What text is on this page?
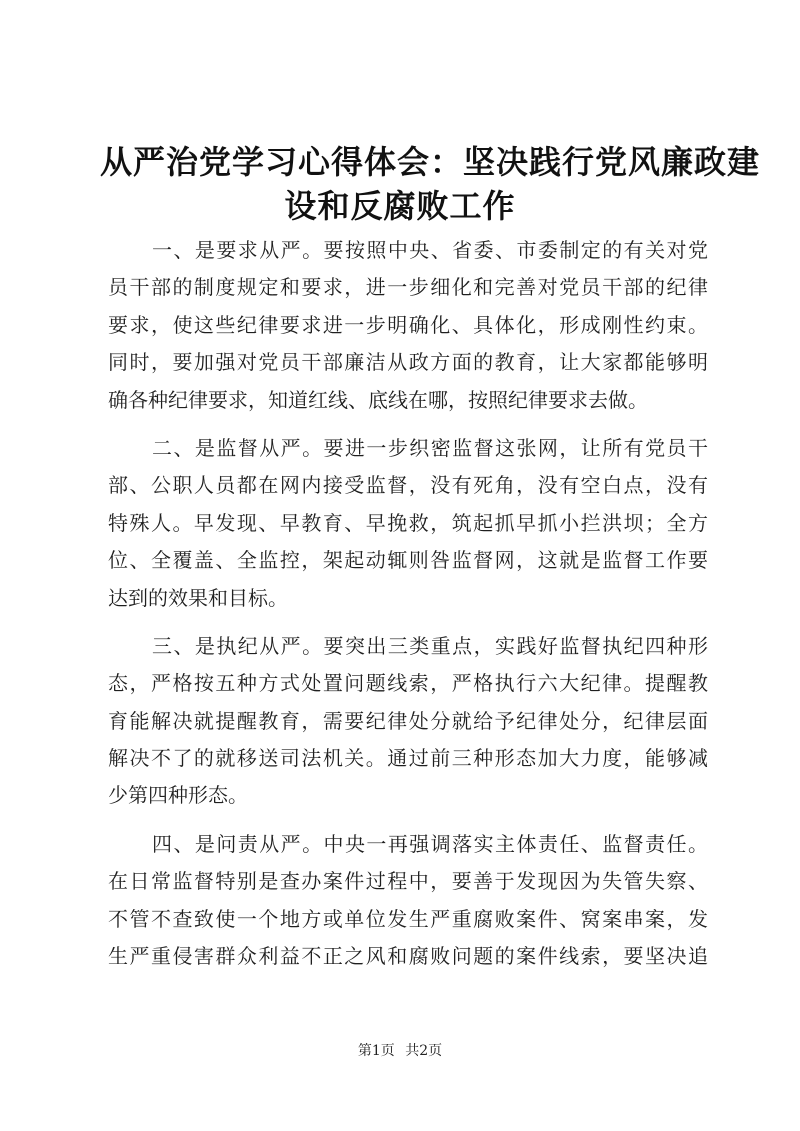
从严治党学习心得体会：坚决践行党风廉政建
设和反腐败工作
一、是要求从严。要按照中央、省委、市委制定的有关对党
员干部的制度规定和要求，进一步细化和完善对党员干部的纪律
要求，使这些纪律要求进一步明确化、具体化，形成刚性约束。
同时，要加强对党员干部廉洁从政方面的教育，让大家都能够明
确各种纪律要求，知道红线、底线在哪，按照纪律要求去做。
二、是监督从严。要进一步织密监督这张网，让所有党员干
部、公职人员都在网内接受监督，没有死角，没有空白点，没有
特殊人。早发现、早教育、早挽救，筑起抓早抓小拦洪坝；全方
位、全覆盖、全监控，架起动辄则咎监督网，这就是监督工作要
达到的效果和目标。
三、是执纪从严。要突出三类重点，实践好监督执纪四种形
态，严格按五种方式处置问题线索，严格执行六大纪律。提醒教
育能解决就提醒教育，需要纪律处分就给予纪律处分，纪律层面
解决不了的就移送司法机关。通过前三种形态加大力度，能够减
少第四种形态。
四、是问责从严。中央一再强调落实主体责任、监督责任。
在日常监督特别是查办案件过程中，要善于发现因为失管失察、
不管不查致使一个地方或单位发生严重腐败案件、窝案串案，发
生严重侵害群众利益不正之风和腐败问题的案件线索，要坚决追
第1页 共2页
